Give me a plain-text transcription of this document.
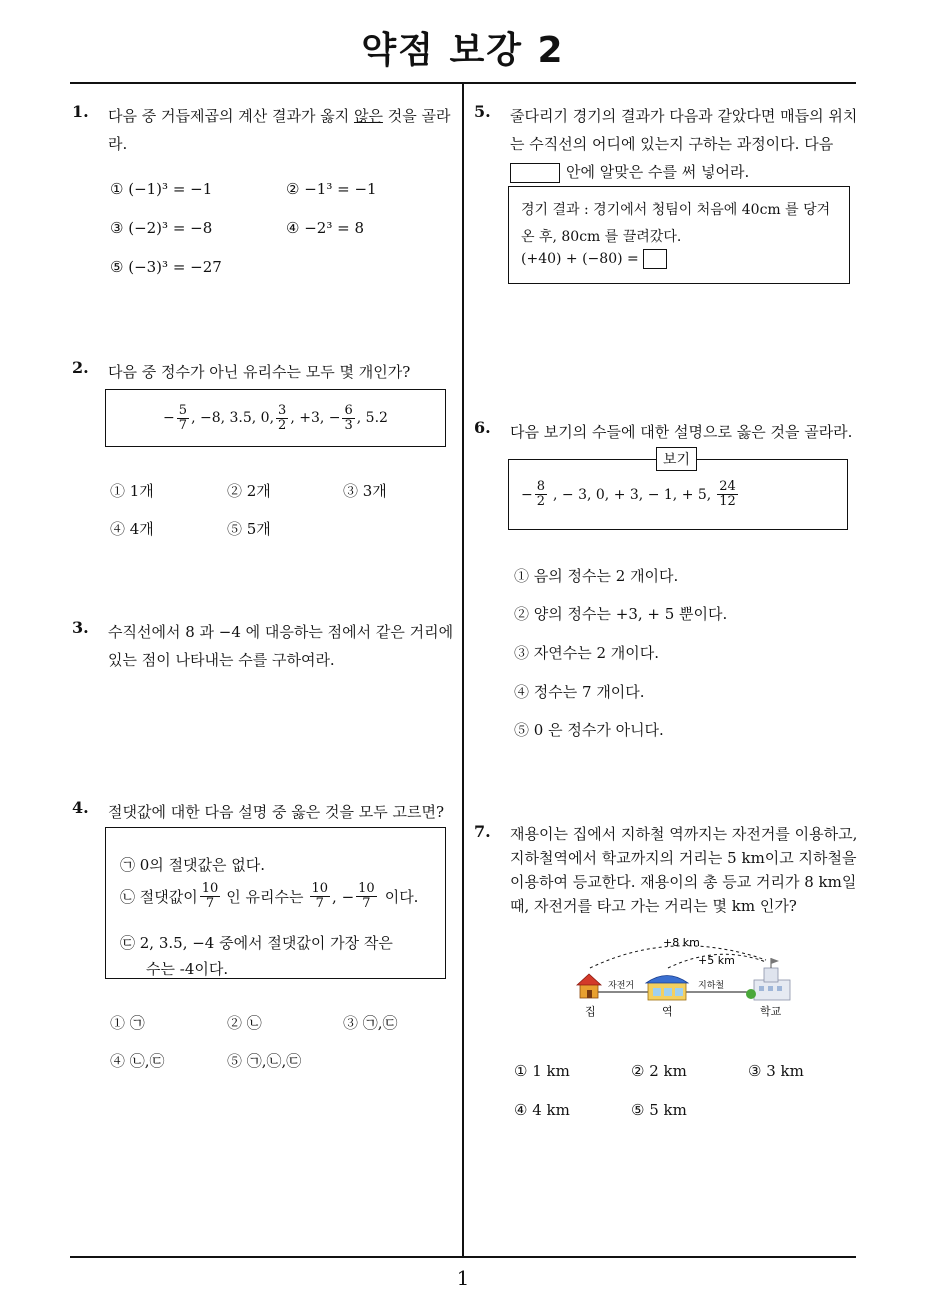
약점 보강 2
1
1. 다음 중 거듭제곱의 계산 결과가 옳지 않은 것을 골라라.
① (−1)³ = −1	② −1³ = −1
③ (−2)³ = −8	④ −2³ = 8
⑤ (−3)³ = −27
2. 다음 중 정수가 아닌 유리수는 모두 몇 개인가?
− $\frac{5}{7}$ , −8, 3.5, 0, $\frac{3}{2}$ , +3, − $\frac{6}{3}$ , 5.2
① 1개	② 2개	③ 3개
④ 4개	⑤ 5개
3. 수직선에서 8 과 −4 에 대응하는 점에서 같은 거리에 있는 점이 나타내는 수를 구하여라.
4. 절댓값에 대한 다음 설명 중 옳은 것을 모두 고르면?
㉠ 0의 절댓값은 없다.
㉡ 절댓값이 $\frac{10}{7}$ 인 유리수는 $\frac{10}{7}$ , − $\frac{10}{7}$ 이다.
㉢ 2, 3.5, −4 중에서 절댓값이 가장 작은
수는 -4이다.
① ㉠	② ㉡	③ ㉠,㉢
④ ㉡,㉢	⑤ ㉠,㉡,㉢
5. 줄다리기 경기의 결과가 다음과 같았다면 매듭의 위치는 수직선의 어디에 있는지 구하는 과정이다. 다음
안에 알맞은 수를 써 넣어라.
경기 결과 : 경기에서 청팀이 처음에 40cm 를 당겨온 후, 80cm 를 끌려갔다.
(+40) + (−80) =
6. 다음 보기의 수들에 대한 설명으로 옳은 것을 골라라.
− $\frac{8}{2}$ , − 3, 0, + 3, − 1, + 5, $\frac{24}{12}$
보기
① 음의 정수는 2 개이다.
② 양의 정수는 +3, + 5 뿐이다.
③ 자연수는 2 개이다.
④ 정수는 7 개이다.
⑤ 0 은 정수가 아니다.
7. 재용이는 집에서 지하철 역까지는 자전거를 이용하고, 지하철역에서 학교까지의 거리는 5 km이고 지하철을 이용하여 등교한다. 재용이의 총 등교 거리가 8 km일 때, 자전거를 타고 가는 거리는 몇 km 인가?
+8 km
+5 km
자전거	지하철
집	역	학교
① 1 km	② 2 km	③ 3 km
④ 4 km	⑤ 5 km
